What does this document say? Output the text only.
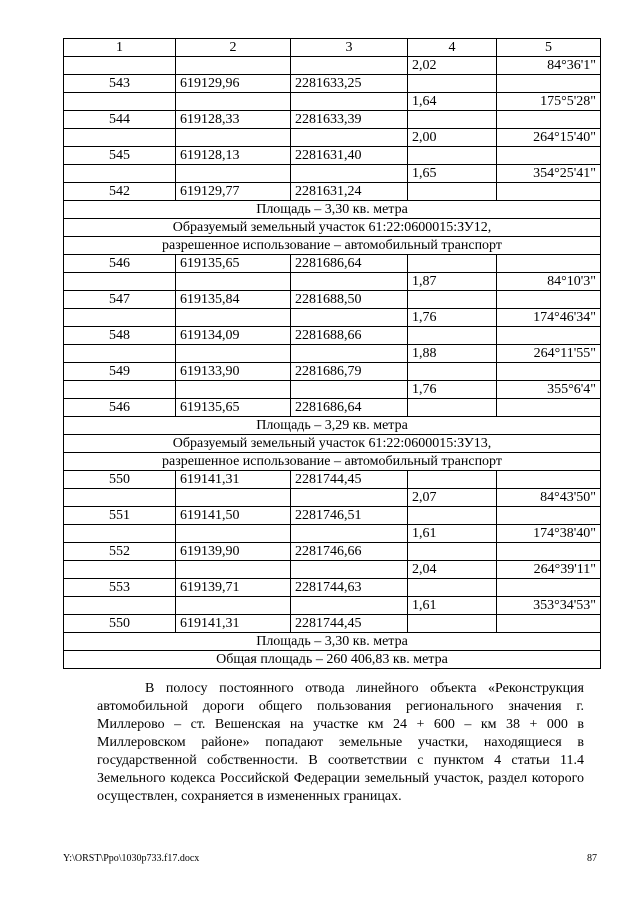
1	2	3	4	5
			2,02	84°36'1"
543	619129,96	2281633,25		
			1,64	175°5'28"
544	619128,33	2281633,39		
			2,00	264°15'40"
545	619128,13	2281631,40		
			1,65	354°25'41"
542	619129,77	2281631,24		
Площадь – 3,30 кв. метра				
Образуемый земельный участок 61:22:0600015:ЗУ12,				
разрешенное использование – автомобильный транспорт				
546	619135,65	2281686,64		
			1,87	84°10'3"
547	619135,84	2281688,50		
			1,76	174°46'34"
548	619134,09	2281688,66		
			1,88	264°11'55"
549	619133,90	2281686,79		
			1,76	355°6'4"
546	619135,65	2281686,64		
Площадь – 3,29 кв. метра				
Образуемый земельный участок 61:22:0600015:ЗУ13,				
разрешенное использование – автомобильный транспорт				
550	619141,31	2281744,45		
			2,07	84°43'50"
551	619141,50	2281746,51		
			1,61	174°38'40"
552	619139,90	2281746,66		
			2,04	264°39'11"
553	619139,71	2281744,63		
			1,61	353°34'53"
550	619141,31	2281744,45		
Площадь – 3,30 кв. метра				
Общая площадь – 260 406,83 кв. метра				

В полосу постоянного отвода линейного объекта «Реконструкция автомобильной дороги общего пользования регионального значения г. Миллерово – ст. Вешенская на участке км 24 + 600 – км 38 + 000 в Миллеровском районе» попадают земельные участки, находящиеся в государственной собственности. В соответствии с пунктом 4 статьи 11.4 Земельного кодекса Российской Федерации земельный участок, раздел которого осуществлен, сохраняется в измененных границах.

Y:\ORST\Ppo\1030p733.f17.docx	87
